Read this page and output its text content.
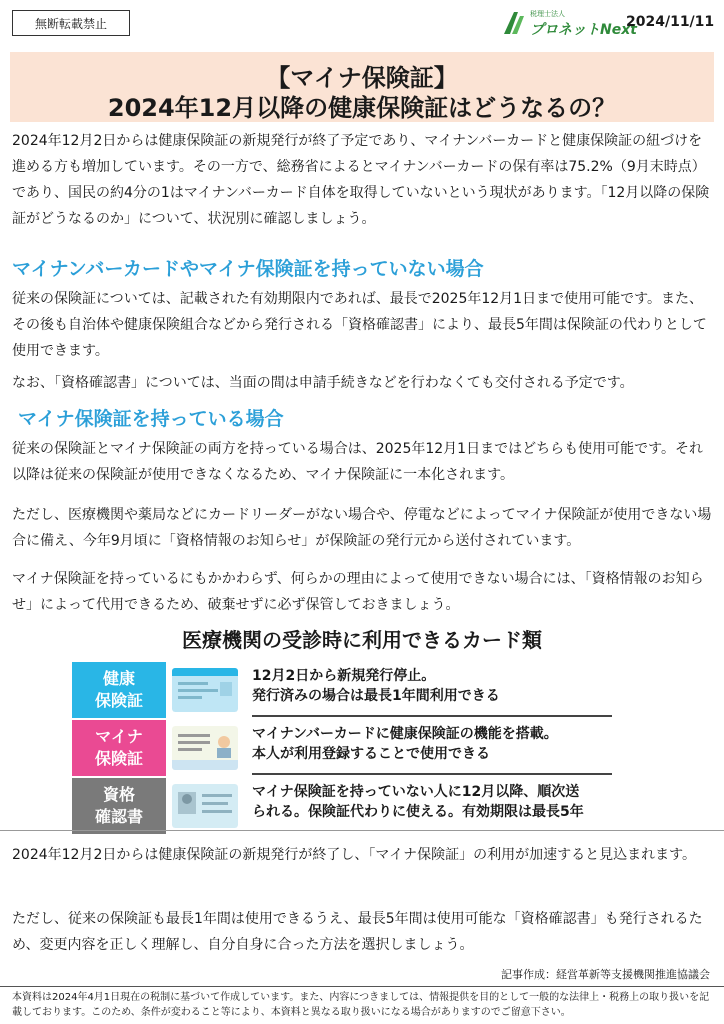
無断転載禁止
税理士法人
プロネットNext
2024/11/11
【マイナ保険証】
2024年12月以降の健康保険証はどうなるの？
2024年12月2日からは健康保険証の新規発行が終了予定であり、マイナンバーカードと健康保険証の紐づけを進める方も増加しています。その一方で、総務省によるとマイナンバーカードの保有率は75.2%（9月末時点）であり、国民の約4分の1はマイナンバーカード自体を取得していないという現状があります。「12月以降の保険証がどうなるのか」について、状況別に確認しましょう。
マイナンバーカードやマイナ保険証を持っていない場合
従来の保険証については、記載された有効期限内であれば、最長で2025年12月1日まで使用可能です。また、その後も自治体や健康保険組合などから発行される「資格確認書」により、最長5年間は保険証の代わりとして使用できます。
なお、「資格確認書」については、当面の間は申請手続きなどを行わなくても交付される予定です。
マイナ保険証を持っている場合
従来の保険証とマイナ保険証の両方を持っている場合は、2025年12月1日まではどちらも使用可能です。それ以降は従来の保険証が使用できなくなるため、マイナ保険証に一本化されます。
ただし、医療機関や薬局などにカードリーダーがない場合や、停電などによってマイナ保険証が使用できない場合に備え、今年9月頃に「資格情報のお知らせ」が保険証の発行元から送付されています。
マイナ保険証を持っているにもかかわらず、何らかの理由によって使用できない場合には、「資格情報のお知らせ」によって代用できるため、破棄せずに必ず保管しておきましょう。
医療機関の受診時に利用できるカード類
健康
保険証
12月2日から新規発行停止。
発行済みの場合は最長1年間利用できる
マイナ
保険証
マイナンバーカードに健康保険証の機能を搭載。
本人が利用登録することで使用できる
資格
確認書
マイナ保険証を持っていない人に12月以降、順次送
られる。保険証代わりに使える。有効期限は最長5年
2024年12月2日からは健康保険証の新規発行が終了し、「マイナ保険証」の利用が加速すると見込まれます。
ただし、従来の保険証も最長1年間は使用できるうえ、最長5年間は使用可能な「資格確認書」も発行されるため、変更内容を正しく理解し、自分自身に合った方法を選択しましょう。
記事作成：経営革新等支援機関推進協議会
本資料は2024年4月1日現在の税制に基づいて作成しています。また、内容につきましては、情報提供を目的として一般的な法律上・税務上の取り扱いを記載しております。このため、条件が変わること等により、本資料と異なる取り扱いになる場合がありますのでご留意下さい。
